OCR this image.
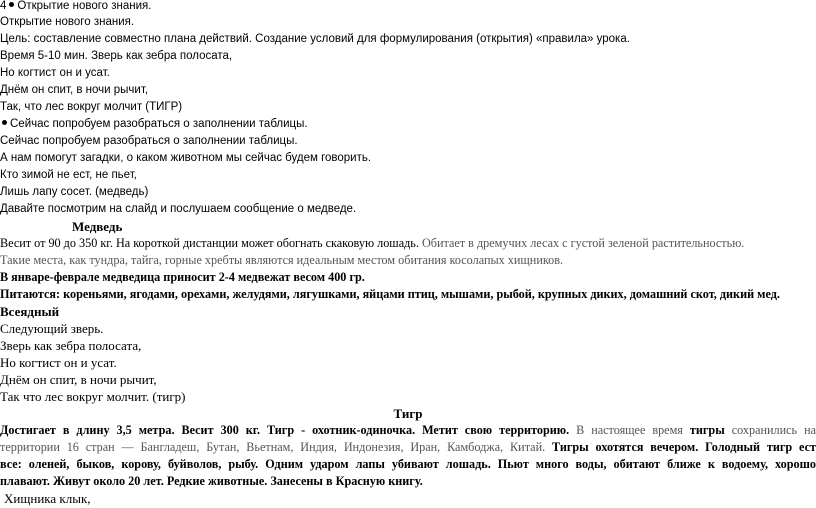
4 Открытие нового знания.
Открытие нового знания.
Цель: составление совместно плана действий. Создание условий для формулирования (открытия) «правила» урока.
Время 5-10 мин. Зверь как зебра полосата,
Но когтист он и усат.
Днём он спит, в ночи рычит,
Так, что лес вокруг молчит (ТИГР)
Сейчас попробуем разобраться о заполнении таблицы.
Сейчас попробуем разобраться о заполнении таблицы.
А нам помогут загадки, о каком животном мы сейчас будем говорить.
Кто зимой не ест, не пьет,
Лишь лапу сосет. (медведь)
Давайте посмотрим на слайд и послушаем сообщение о медведе.
Медведь
Весит от 90 до 350 кг. На короткой дистанции может обогнать скаковую лошадь. Обитает в дремучих лесах с густой зеленой растительностью.
Такие места, как тундра, тайга, горные хребты являются идеальным местом обитания косолапых хищников.
В январе-феврале медведица приносит 2-4 медвежат весом 400 гр.
Питаются: кореньями, ягодами, орехами, желудями, лягушками, яйцами птиц, мышами, рыбой, крупных диких, домашний скот, дикий мед.
Всеядный
Следующий зверь.
Зверь как зебра полосата,
Но когтист он и усат.
Днём он спит, в ночи рычит,
Так что лес вокруг молчит. (тигр)
Тигр
Достигает в длину 3,5 метра. Весит 300 кг. Тигр - охотник-одиночка. Метит свою территорию. В настоящее время тигры сохранились на
территории 16 стран — Бангладеш, Бутан, Вьетнам, Индия, Индонезия, Иран, Камбоджа, Китай. Тигры охотятся вечером. Голодный тигр ест
все: оленей, быков, корову, буйволов, рыбу. Одним ударом лапы убивают лошадь. Пьют много воды, обитают ближе к водоему, хорошо
плавают. Живут около 20 лет. Редкие животные. Занесены в Красную книгу.
Хищника клык,
